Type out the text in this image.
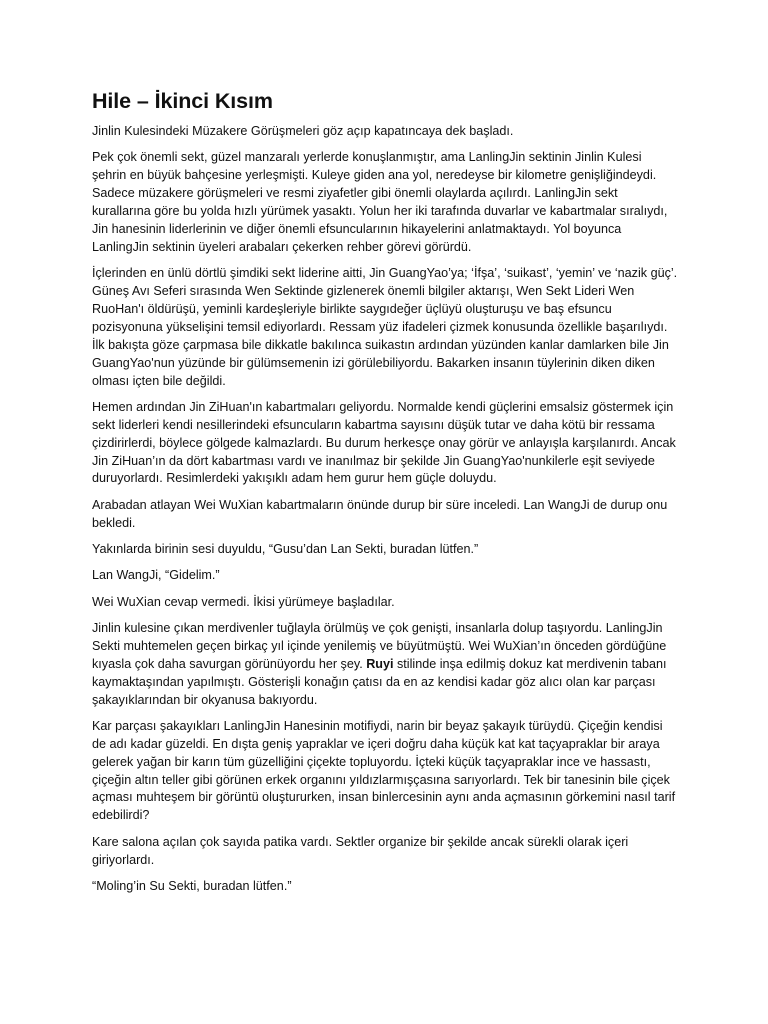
Hile – İkinci Kısım

Jinlin Kulesindeki Müzakere Görüşmeleri göz açıp kapatıncaya dek başladı.

Pek çok önemli sekt, güzel manzaralı yerlerde konuşlanmıştır, ama LanlingJin sektinin Jinlin Kulesi şehrin en büyük bahçesine yerleşmişti. Kuleye giden ana yol, neredeyse bir kilometre genişliğindeydi. Sadece müzakere görüşmeleri ve resmi ziyafetler gibi önemli olaylarda açılırdı. LanlingJin sekt kurallarına göre bu yolda hızlı yürümek yasaktı. Yolun her iki tarafında duvarlar ve kabartmalar sıralıydı, Jin hanesinin liderlerinin ve diğer önemli efsuncularının hikayelerini anlatmaktaydı. Yol boyunca LanlingJin sektinin üyeleri arabaları çekerken rehber görevi görürdü.

İçlerinden en ünlü dörtlü şimdiki sekt liderine aitti, Jin GuangYao’ya; ‘İfşa’, ‘suikast’, ‘yemin’ ve ‘nazik güç’. Güneş Avı Seferi sırasında Wen Sektinde gizlenerek önemli bilgiler aktarışı, Wen Sekt Lideri Wen RuoHan'ı öldürüşü, yeminli kardeşleriyle birlikte saygıdeğer üçlüyü oluşturuşu ve baş efsuncu pozisyonuna yükselişini temsil ediyorlardı. Ressam yüz ifadeleri çizmek konusunda özellikle başarılıydı. İlk bakışta göze çarpmasa bile dikkatle bakılınca suikastın ardından yüzünden kanlar damlarken bile Jin GuangYao'nun yüzünde bir gülümsemenin izi görülebiliyordu. Bakarken insanın tüylerinin diken diken olması içten bile değildi.

Hemen ardından Jin ZiHuan'ın kabartmaları geliyordu. Normalde kendi güçlerini emsalsiz göstermek için sekt liderleri kendi nesillerindeki efsuncuların kabartma sayısını düşük tutar ve daha kötü bir ressama çizdirirlerdi, böylece gölgede kalmazlardı. Bu durum herkesçe onay görür ve anlayışla karşılanırdı. Ancak Jin ZiHuan’ın da dört kabartması vardı ve inanılmaz bir şekilde Jin GuangYao'nunkilerle eşit seviyede duruyorlardı. Resimlerdeki yakışıklı adam hem gurur hem güçle doluydu.

Arabadan atlayan Wei WuXian kabartmaların önünde durup bir süre inceledi. Lan WangJi de durup onu bekledi.

Yakınlarda birinin sesi duyuldu, “Gusu’dan Lan Sekti, buradan lütfen.”

Lan WangJi, “Gidelim.”

Wei WuXian cevap vermedi. İkisi yürümeye başladılar.

Jinlin kulesine çıkan merdivenler tuğlayla örülmüş ve çok genişti, insanlarla dolup taşıyordu. LanlingJin Sekti muhtemelen geçen birkaç yıl içinde yenilemiş ve büyütmüştü. Wei WuXian’ın önceden gördüğüne kıyasla çok daha savurgan görünüyordu her şey. Ruyi stilinde inşa edilmiş dokuz kat merdivenin tabanı kaymaktaşından yapılmıştı. Gösterişli konağın çatısı da en az kendisi kadar göz alıcı olan kar parçası şakayıklarından bir okyanusa bakıyordu.

Kar parçası şakayıkları LanlingJin Hanesinin motifiydi, narin bir beyaz şakayık türüydü. Çiçeğin kendisi de adı kadar güzeldi. En dışta geniş yapraklar ve içeri doğru daha küçük kat kat taçyapraklar bir araya gelerek yağan bir karın tüm güzelliğini çiçekte topluyordu. İçteki küçük taçyapraklar ince ve hassastı, çiçeğin altın teller gibi görünen erkek organını yıldızlarmışçasına sarıyorlardı. Tek bir tanesinin bile çiçek açması muhteşem bir görüntü oluştururken, insan binlercesinin aynı anda açmasının görkemini nasıl tarif edebilirdi?

Kare salona açılan çok sayıda patika vardı. Sektler organize bir şekilde ancak sürekli olarak içeri giriyorlardı.

“Moling’in Su Sekti, buradan lütfen.”
